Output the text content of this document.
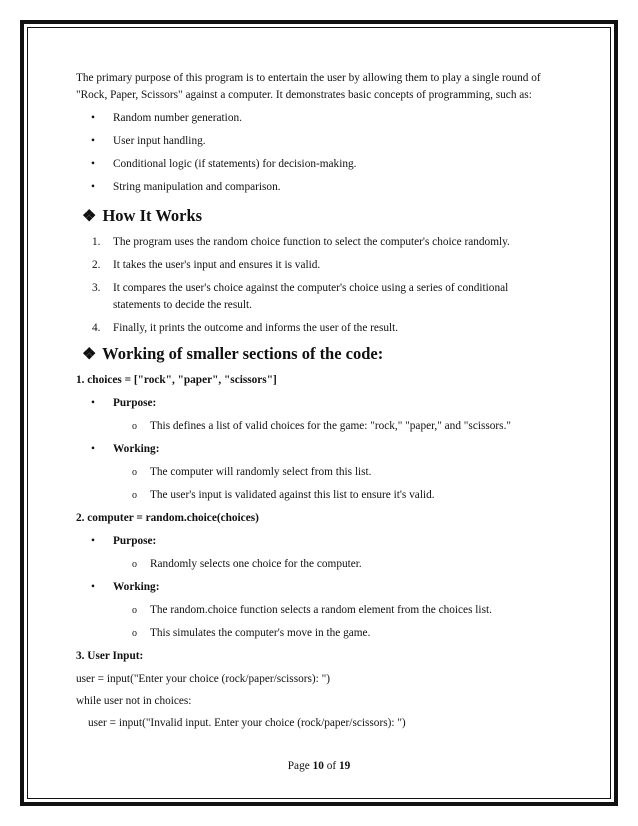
The primary purpose of this program is to entertain the user by allowing them to play a single round of "Rock, Paper, Scissors" against a computer. It demonstrates basic concepts of programming, such as:

• Random number generation.
• User input handling.
• Conditional logic (if statements) for decision-making.
• String manipulation and comparison.
❖ How It Works
1. The program uses the random choice function to select the computer's choice randomly.
2. It takes the user's input and ensures it is valid.
3. It compares the user's choice against the computer's choice using a series of conditional statements to decide the result.
4. Finally, it prints the outcome and informs the user of the result.
❖ Working of smaller sections of the code:

1. choices = ["rock", "paper", "scissors"]

• Purpose:
o This defines a list of valid choices for the game: "rock," "paper," and "scissors."
• Working:
o The computer will randomly select from this list.
o The user's input is validated against this list to ensure it's valid.

2. computer = random.choice(choices)

• Purpose:
o Randomly selects one choice for the computer.
• Working:
o The random.choice function selects a random element from the choices list.
o This simulates the computer's move in the game.

3. User Input:

user = input("Enter your choice (rock/paper/scissors): ")

while user not in choices:

user = input("Invalid input. Enter your choice (rock/paper/scissors): ")

Page 10 of 19
